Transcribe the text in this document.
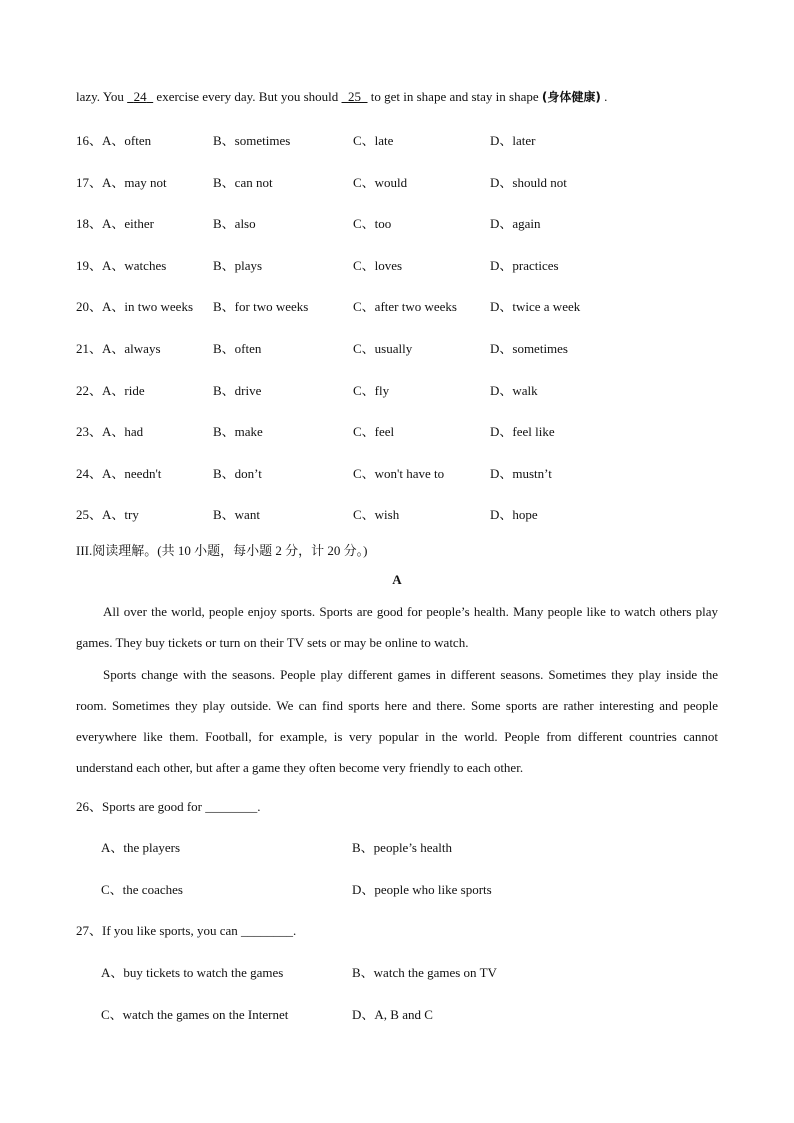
lazy. You   24   exercise every day. But you should   25   to get in shape and stay in shape (身体健康) .
16、A、often	B、sometimes	C、late	D、later
17、A、may not	B、can not	C、would	D、should not
18、A、either	B、also	C、too	D、again
19、A、watches	B、plays	C、loves	D、practices
20、A、in two weeks B、for two weeks	C、after two weeks	D、twice a week
21、A、always	B、often	C、usually	D、sometimes
22、A、ride	B、drive	C、fly	D、walk
23、A、had	B、make	C、feel	D、feel like
24、A、needn't	B、don’t	C、won't have to	D、mustn’t
25、A、try	B、want	C、wish	D、hope
III.阅读理解。(共 10 小题，每小题 2 分，计 20 分。)
A
All over the world, people enjoy sports. Sports are good for people’s health. Many people like to watch others play games. They buy tickets or turn on their TV sets or may be online to watch.
Sports change with the seasons. People play different games in different seasons. Sometimes they play inside the room. Sometimes they play outside. We can find sports here and there. Some sports are rather interesting and people everywhere like them. Football, for example, is very popular in the world. People from different countries cannot understand each other, but after a game they often become very friendly to each other.
26、Sports are good for ________.
A、the players	B、people’s health
C、the coaches	D、people who like sports
27、If you like sports, you can ________.
A、buy tickets to watch the games	B、watch the games on TV
C、watch the games on the Internet	D、A, B and C
